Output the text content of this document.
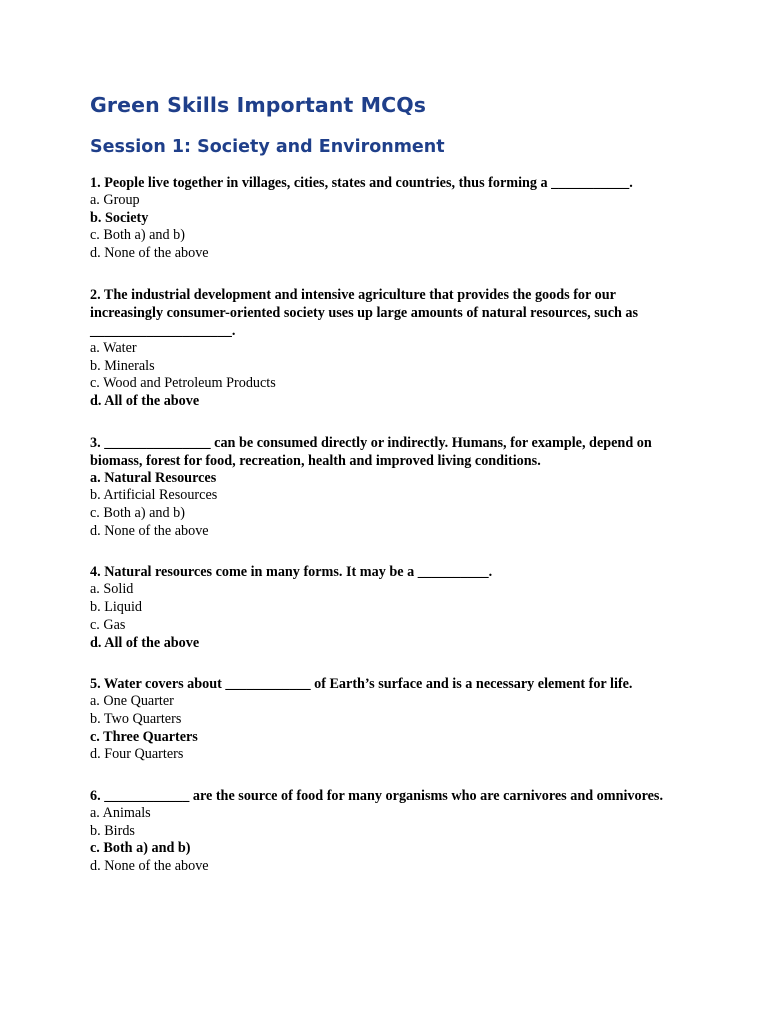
Green Skills Important MCQs
Session 1: Society and Environment
1. People live together in villages, cities, states and countries, thus forming a ___________.
a. Group
b. Society
c. Both a) and b)
d. None of the above
2. The industrial development and intensive agriculture that provides the goods for our increasingly consumer-oriented society uses up large amounts of natural resources, such as ____________________.
a. Water
b. Minerals
c. Wood and Petroleum Products
d. All of the above
3. _______________ can be consumed directly or indirectly. Humans, for example, depend on biomass, forest for food, recreation, health and improved living conditions.
a. Natural Resources
b. Artificial Resources
c. Both a) and b)
d. None of the above
4. Natural resources come in many forms. It may be a __________.
a. Solid
b. Liquid
c. Gas
d. All of the above
5. Water covers about ____________ of Earth’s surface and is a necessary element for life.
a. One Quarter
b. Two Quarters
c. Three Quarters
d. Four Quarters
6. ____________ are the source of food for many organisms who are carnivores and omnivores.
a. Animals
b. Birds
c. Both a) and b)
d. None of the above
